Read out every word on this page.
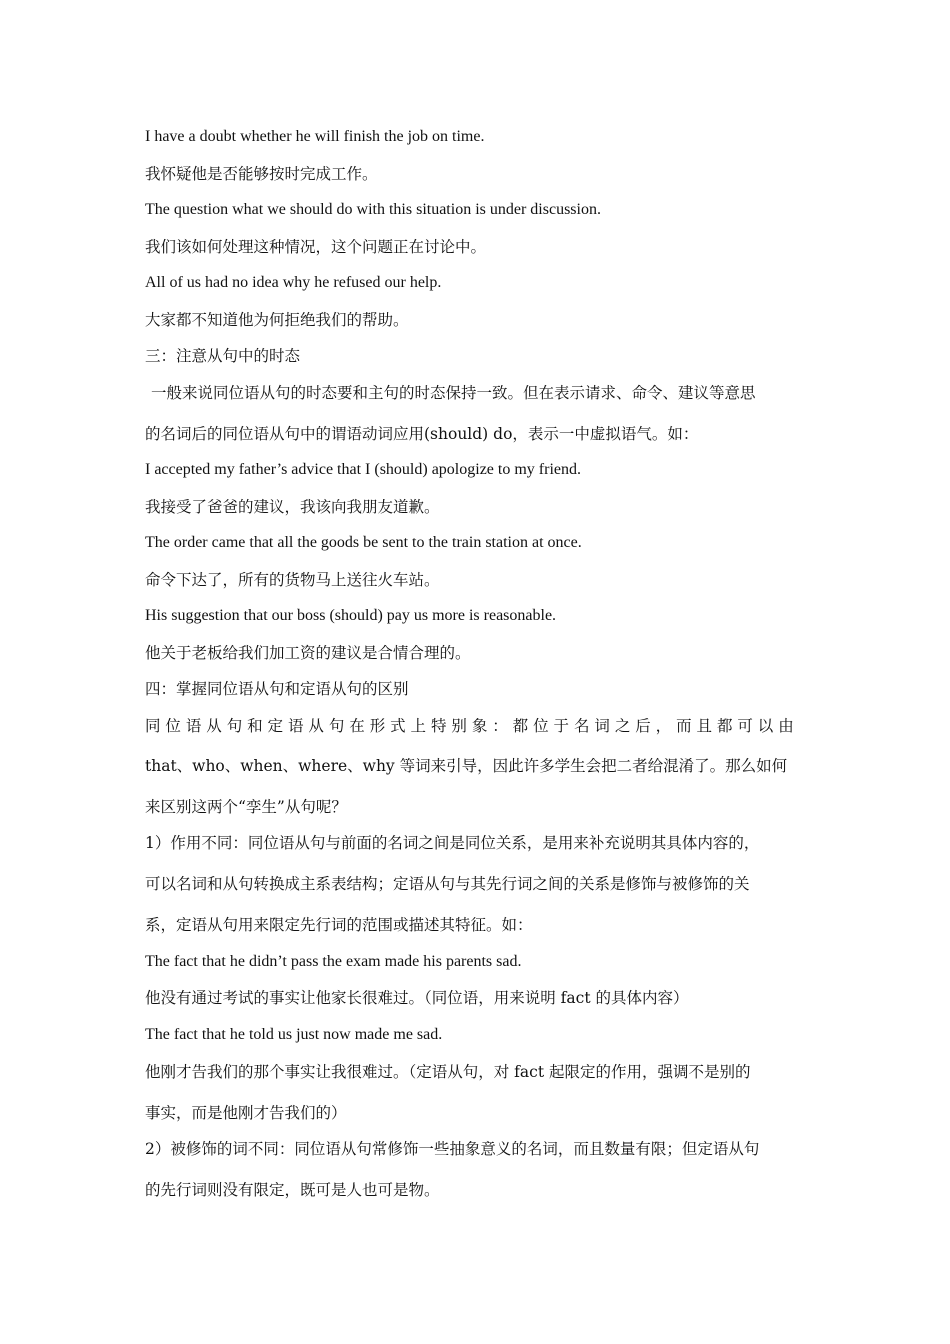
I have a doubt whether he will finish the job on time.
我怀疑他是否能够按时完成工作。
The question what we should do with this situation is under discussion.
我们该如何处理这种情况，这个问题正在讨论中。
All of us had no idea why he refused our help.
大家都不知道他为何拒绝我们的帮助。
三：注意从句中的时态
一般来说同位语从句的时态要和主句的时态保持一致。但在表示请求、命令、建议等意思
的名词后的同位语从句中的谓语动词应用(should) do，表示一中虚拟语气。如：
I accepted my father’s advice that I (should) apologize to my friend.
我接受了爸爸的建议，我该向我朋友道歉。
The order came that all the goods be sent to the train station at once.
命令下达了，所有的货物马上送往火车站。
His suggestion that our boss (should) pay us more is reasonable.
他关于老板给我们加工资的建议是合情合理的。
四：掌握同位语从句和定语从句的区别
同 位 语 从 句 和 定 语 从 句 在 形 式 上 特 别 象 ： 都 位 于 名 词 之 后 ， 而 且 都 可 以 由
that、who、when、where、why 等词来引导，因此许多学生会把二者给混淆了。那么如何
来区别这两个“孪生”从句呢？
1）作用不同：同位语从句与前面的名词之间是同位关系，是用来补充说明其具体内容的，
可以名词和从句转换成主系表结构；定语从句与其先行词之间的关系是修饰与被修饰的关
系，定语从句用来限定先行词的范围或描述其特征。如：
The fact that he didn’t pass the exam made his parents sad.
他没有通过考试的事实让他家长很难过。（同位语，用来说明 fact 的具体内容）
The fact that he told us just now made me sad.
他刚才告我们的那个事实让我很难过。（定语从句，对 fact 起限定的作用，强调不是别的
事实，而是他刚才告我们的）
2）被修饰的词不同：同位语从句常修饰一些抽象意义的名词，而且数量有限；但定语从句
的先行词则没有限定，既可是人也可是物。
